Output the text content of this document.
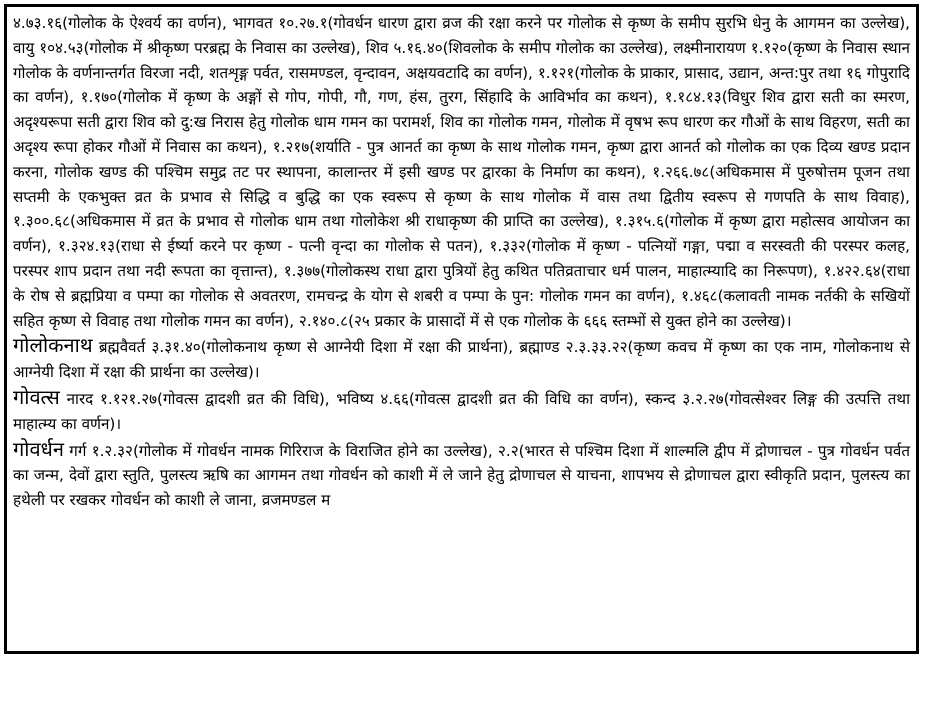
४.७३.१६(गोलोक के ऐश्वर्य का वर्णन), भागवत १०.२७.१(गोवर्धन धारण द्वारा व्रज की रक्षा करने पर गोलोक से कृष्ण के समीप सुरभि धेनु के आगमन का उल्लेख), वायु १०४.५३(गोलोक में श्रीकृष्ण परब्रह्म के निवास का उल्लेख), शिव ५.१६.४०(शिवलोक के समीप गोलोक का उल्लेख), लक्ष्मीनारायण १.१२०(कृष्ण के निवास स्थान गोलोक के वर्णनान्तर्गत विरजा नदी, शतशृङ्ग पर्वत, रासमण्डल, वृन्दावन, अक्षयवटादि का वर्णन), १.१२१(गोलोक के प्राकार, प्रासाद, उद्यान, अन्त:पुर तथा १६ गोपुरादि का वर्णन), १.१७०(गोलोक में कृष्ण के अङ्गों से गोप, गोपी, गौ, गण, हंस, तुरग, सिंहादि के आविर्भाव का कथन), १.१८४.१३(विधुर शिव द्वारा सती का स्मरण, अदृश्यरूपा सती द्वारा शिव को दु:ख निरास हेतु गोलोक धाम गमन का परामर्श, शिव का गोलोक गमन, गोलोक में वृषभ रूप धारण कर गौओं के साथ विहरण, सती का अदृश्य रूपा होकर गौओं में निवास का कथन), १.२१७(शर्याति - पुत्र आनर्त का कृष्ण के साथ गोलोक गमन, कृष्ण द्वारा आनर्त को गोलोक का एक दिव्य खण्ड प्रदान करना, गोलोक खण्ड की पश्चिम समुद्र तट पर स्थापना, कालान्तर में इसी खण्ड पर द्वारका के निर्माण का कथन), १.२६६.७८(अधिकमास में पुरुषोत्तम पूजन तथा सप्तमी के एकभुक्त व्रत के प्रभाव से सिद्धि व बुद्धि का एक स्वरूप से कृष्ण के साथ गोलोक में वास तथा द्वितीय स्वरूप से गणपति के साथ विवाह), १.३००.६८(अधिकमास में व्रत के प्रभाव से गोलोक धाम तथा गोलोकेश श्री राधाकृष्ण की प्राप्ति का उल्लेख), १.३१५.६(गोलोक में कृष्ण द्वारा महोत्सव आयोजन का वर्णन), १.३२४.१३(राधा से ईर्ष्या करने पर कृष्ण - पत्नी वृन्दा का गोलोक से पतन), १.३३२(गोलोक में कृष्ण - पत्नियों गङ्गा, पद्मा व सरस्वती की परस्पर कलह, परस्पर शाप प्रदान तथा नदी रूपता का वृत्तान्त), १.३७७(गोलोकस्थ राधा द्वारा पुत्रियों हेतु कथित पतिव्रताचार धर्म पालन, माहात्म्यादि का निरूपण), १.४२२.६४(राधा के रोष से ब्रह्मप्रिया व पम्पा का गोलोक से अवतरण, रामचन्द्र के योग से शबरी व पम्पा के पुन: गोलोक गमन का वर्णन), १.४६८(कलावती नामक नर्तकी के सखियों सहित कृष्ण से विवाह तथा गोलोक गमन का वर्णन), २.१४०.८(२५ प्रकार के प्रासादों में से एक गोलोक के ६६६ स्तम्भों से युक्त होने का उल्लेख)।

गोलोकनाथ ब्रह्मवैवर्त ३.३१.४०(गोलोकनाथ कृष्ण से आग्नेयी दिशा में रक्षा की प्रार्थना), ब्रह्माण्ड २.३.३३.२२(कृष्ण कवच में कृष्ण का एक नाम, गोलोकनाथ से आग्नेयी दिशा में रक्षा की प्रार्थना का उल्लेख)।

गोवत्स नारद १.१२१.२७(गोवत्स द्वादशी व्रत की विधि), भविष्य ४.६६(गोवत्स द्वादशी व्रत की विधि का वर्णन), स्कन्द ३.२.२७(गोवत्सेश्वर लिङ्ग की उत्पत्ति तथा माहात्म्य का वर्णन)।

गोवर्धन गर्ग १.२.३२(गोलोक में गोवर्धन नामक गिरिराज के विराजित होने का उल्लेख), २.२(भारत से पश्चिम दिशा में शाल्मलि द्वीप में द्रोणाचल - पुत्र गोवर्धन पर्वत का जन्म, देवों द्वारा स्तुति, पुलस्त्य ऋषि का आगमन तथा गोवर्धन को काशी में ले जाने हेतु द्रोणाचल से याचना, शापभय से द्रोणाचल द्वारा स्वीकृति प्रदान, पुलस्त्य का हथेली पर रखकर गोवर्धन को काशी ले जाना, व्रजमण्डल म
